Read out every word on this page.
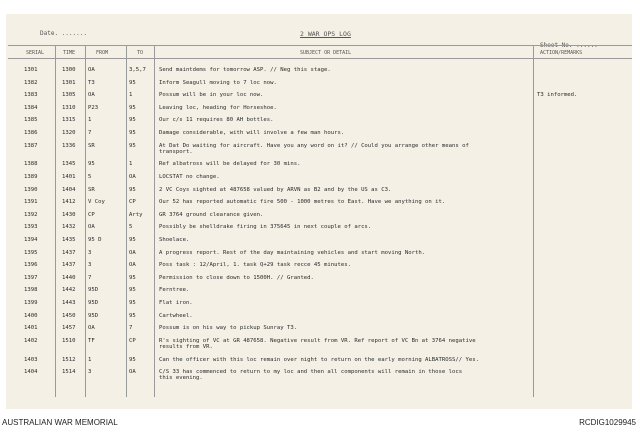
Date. .......	2 WAR OPS LOG
SERIAL	TIME	FROM	TO	SUBJECT OR DETAIL	ACTION/REMARKS
1301	1300	OA	3,5,7	Send maintdems for tomorrow ASP. // Neg this stage.
1382	1301	T3	95	Inform Seagull moving to 7 loc now.
1383	1305	OA	1	Possum will be in your loc now.	T3 informed.
1384	1310	P23	95	Leaving loc, heading for Horseshoe.
1385	1315	1	95	Our c/s 11 requires 80 AH bottles.
1386	1320	7	95	Damage considerable, with will involve a few man hours.
1387	1336	SR	95	At Dat Do waiting for aircraft. Have you any word on it? // Could you arrange other means of
transport.
1388	1345	95	1	Ref albatross will be delayed for 30 mins.
1389	1401	5	OA	LOCSTAT no change.
1390	1404	SR	95	2 VC Coys sighted at 487658 valued by ARVN as B2 and by the US as C3.
1391	1412	V Coy	CP	Our 52 has reported automatic fire 500 - 1000 metres to East. Have we anything on it.
1392	1430	CP	Arty	GR 3764 ground clearance given.
1393	1432	OA	5	Possibly be shelldrake firing in 375645 in next couple of arcs.
1394	1435	95 D	95	Shoelace.
1395	1437	3	OA	A progress report. Rest of the day maintaining vehicles and start moving North.
1396	1437	3	OA	Poss task : 12/April, 1. task Q+29 task recce 45 minutes.
1397	1440	7	95	Permission to close down to 1500H. // Granted.
1398	1442	95D	95	Ferntree.
1399	1443	95D	95	Flat iron.
1400	1450	95D	95	Cartwheel.
1401	1457	OA	7	Possum is on his way to pickup Sunray T3.
1402	1510	TF	CP	R's sighting of VC at GR 487658. Negative result from VR. Ref report of VC Bn at 3764 negative
results from VR.
1403	1512	1	95	Can the officer with this loc remain over night to return on the early morning ALBATROSS// Yes.
1404	1514	3	OA	C/S 33 has commenced to return to my loc and then all components will remain in those locs
this evening.
AUSTRALIAN WAR MEMORIAL	RCDIG1029945
